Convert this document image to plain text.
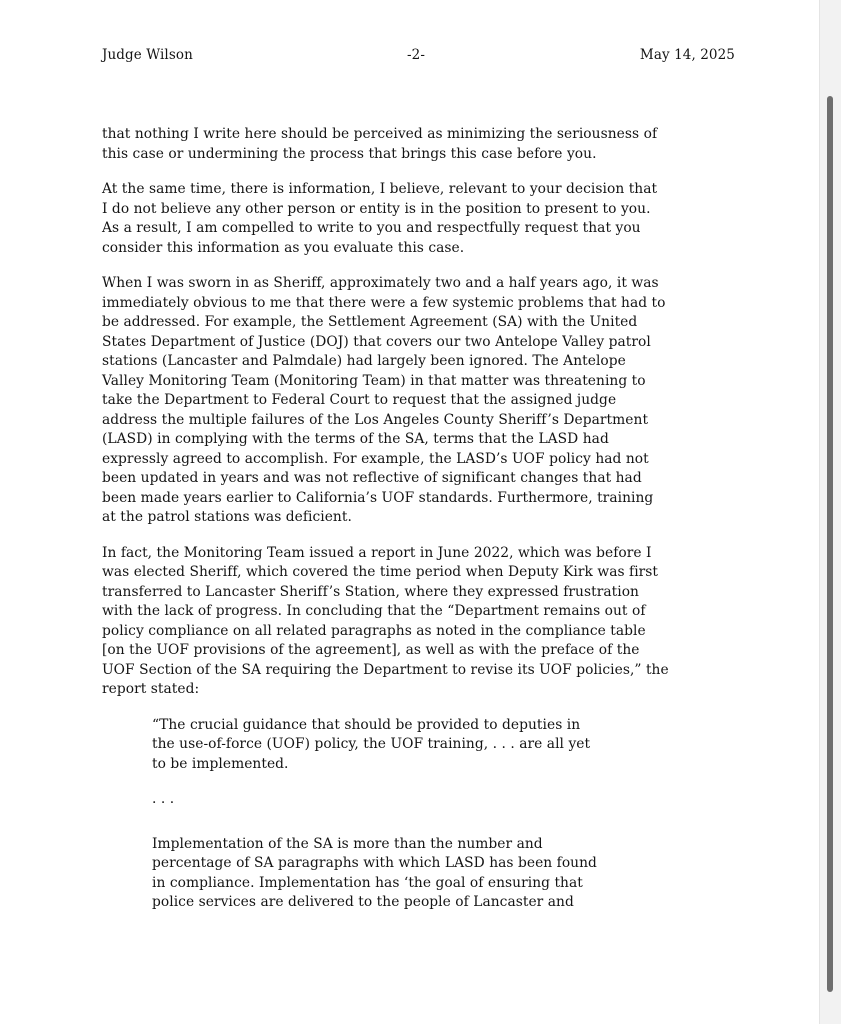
Judge Wilson	-2-	May 14, 2025

that nothing I write here should be perceived as minimizing the seriousness of
this case or undermining the process that brings this case before you.

At the same time, there is information, I believe, relevant to your decision that
I do not believe any other person or entity is in the position to present to you.
As a result, I am compelled to write to you and respectfully request that you
consider this information as you evaluate this case.

When I was sworn in as Sheriff, approximately two and a half years ago, it was
immediately obvious to me that there were a few systemic problems that had to
be addressed. For example, the Settlement Agreement (SA) with the United
States Department of Justice (DOJ) that covers our two Antelope Valley patrol
stations (Lancaster and Palmdale) had largely been ignored. The Antelope
Valley Monitoring Team (Monitoring Team) in that matter was threatening to
take the Department to Federal Court to request that the assigned judge
address the multiple failures of the Los Angeles County Sheriff’s Department
(LASD) in complying with the terms of the SA, terms that the LASD had
expressly agreed to accomplish. For example, the LASD’s UOF policy had not
been updated in years and was not reflective of significant changes that had
been made years earlier to California’s UOF standards. Furthermore, training
at the patrol stations was deficient.

In fact, the Monitoring Team issued a report in June 2022, which was before I
was elected Sheriff, which covered the time period when Deputy Kirk was first
transferred to Lancaster Sheriff’s Station, where they expressed frustration
with the lack of progress. In concluding that the “Department remains out of
policy compliance on all related paragraphs as noted in the compliance table
[on the UOF provisions of the agreement], as well as with the preface of the
UOF Section of the SA requiring the Department to revise its UOF policies,” the
report stated:

“The crucial guidance that should be provided to deputies in
the use-of-force (UOF) policy, the UOF training, . . . are all yet
to be implemented.

. . .

Implementation of the SA is more than the number and
percentage of SA paragraphs with which LASD has been found
in compliance. Implementation has ‘the goal of ensuring that
police services are delivered to the people of Lancaster and
